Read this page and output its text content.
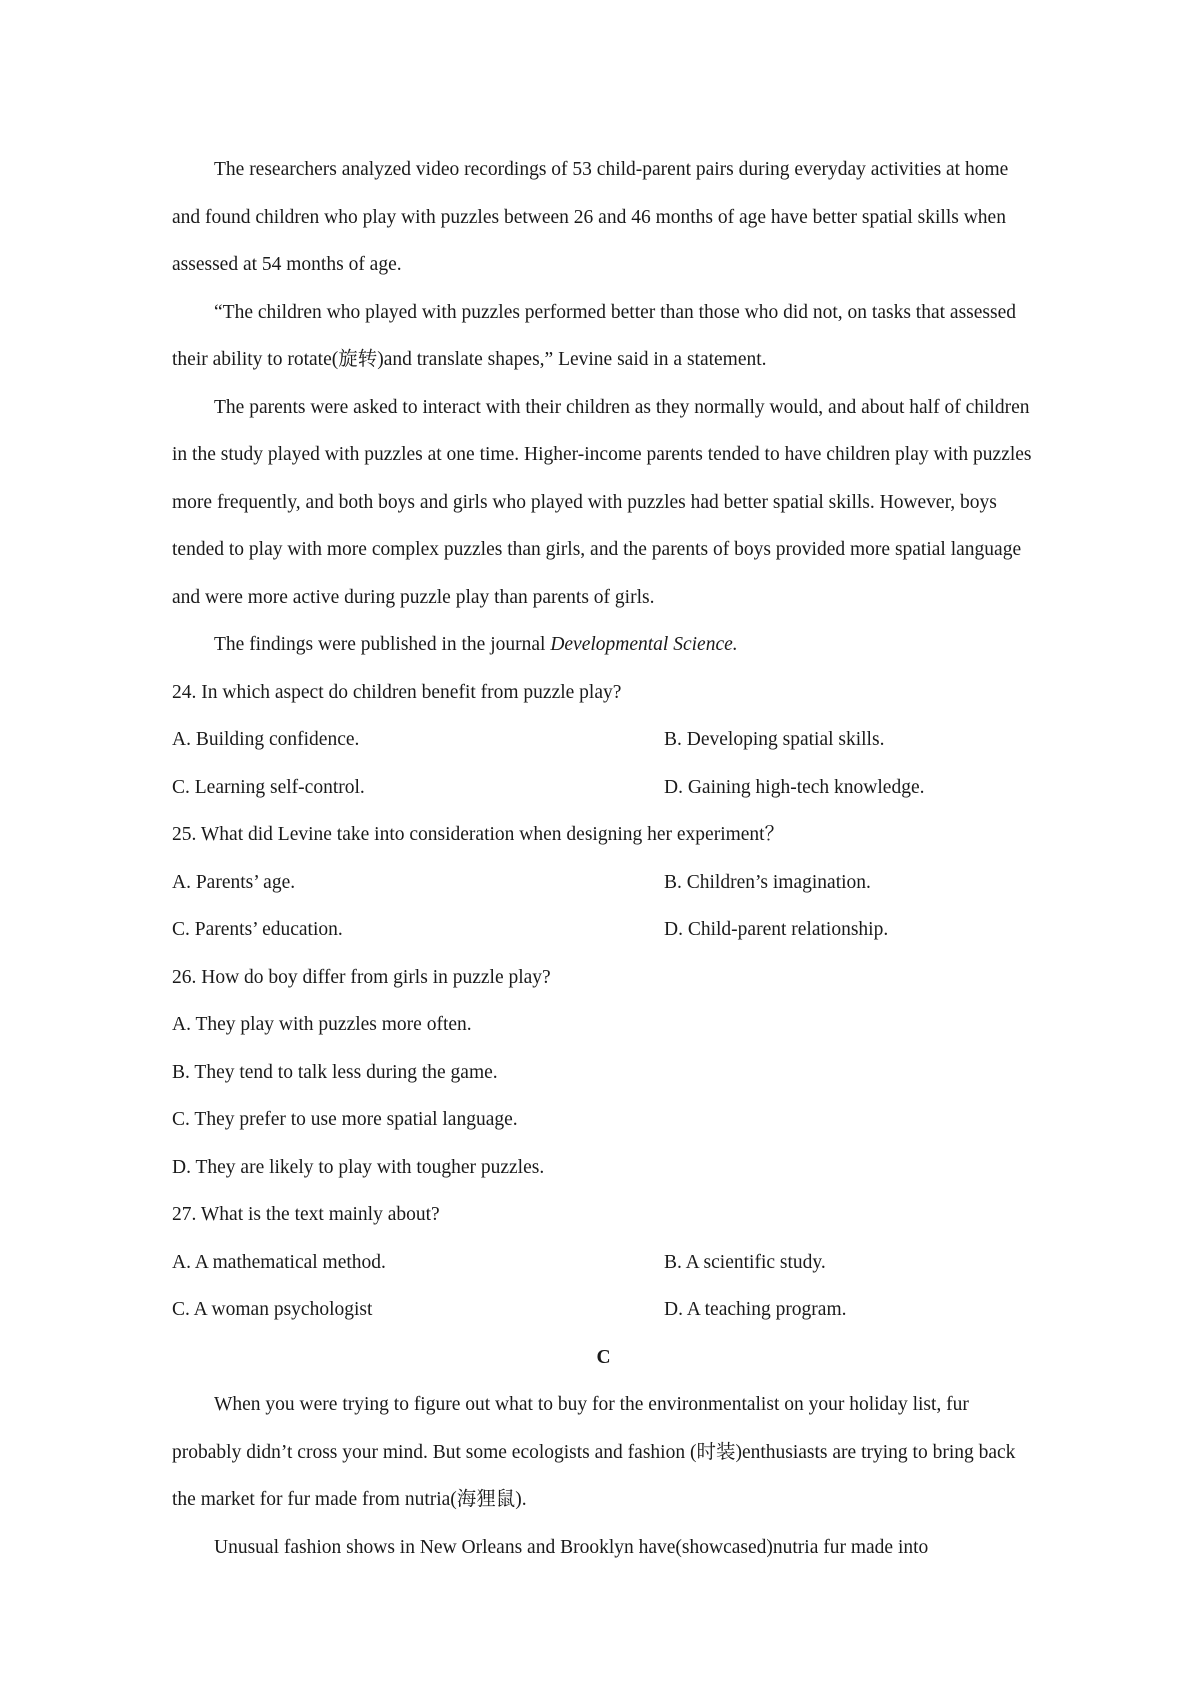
The researchers analyzed video recordings of 53 child-parent pairs during everyday activities at home and found children who play with puzzles between 26 and 46 months of age have better spatial skills when assessed at 54 months of age.

“The children who played with puzzles performed better than those who did not, on tasks that assessed their ability to rotate(旋转)and translate shapes,” Levine said in a statement.

The parents were asked to interact with their children as they normally would, and about half of children in the study played with puzzles at one time. Higher-income parents tended to have children play with puzzles more frequently, and both boys and girls who played with puzzles had better spatial skills. However, boys tended to play with more complex puzzles than girls, and the parents of boys provided more spatial language and were more active during puzzle play than parents of girls.

The findings were published in the journal Developmental Science.

24. In which aspect do children benefit from puzzle play?

A. Building confidence.	B. Developing spatial skills.
C. Learning self-control.	D. Gaining high-tech knowledge.

25. What did Levine take into consideration when designing her experiment？

A. Parents’ age.	B. Children’s imagination.
C. Parents’ education.	D. Child-parent relationship.

26. How do boy differ from girls in puzzle play?

A. They play with puzzles more often.

B. They tend to talk less during the game.

C. They prefer to use more spatial language.

D. They are likely to play with tougher puzzles.

27. What is the text mainly about?

A. A mathematical method.	B. A scientific study.
C. A woman psychologist	D. A teaching program.

C

When you were trying to figure out what to buy for the environmentalist on your holiday list, fur probably didn’t cross your mind. But some ecologists and fashion (时装)enthusiasts are trying to bring back the market for fur made from nutria(海狸鼠).

Unusual fashion shows in New Orleans and Brooklyn have(showcased)nutria fur made into
